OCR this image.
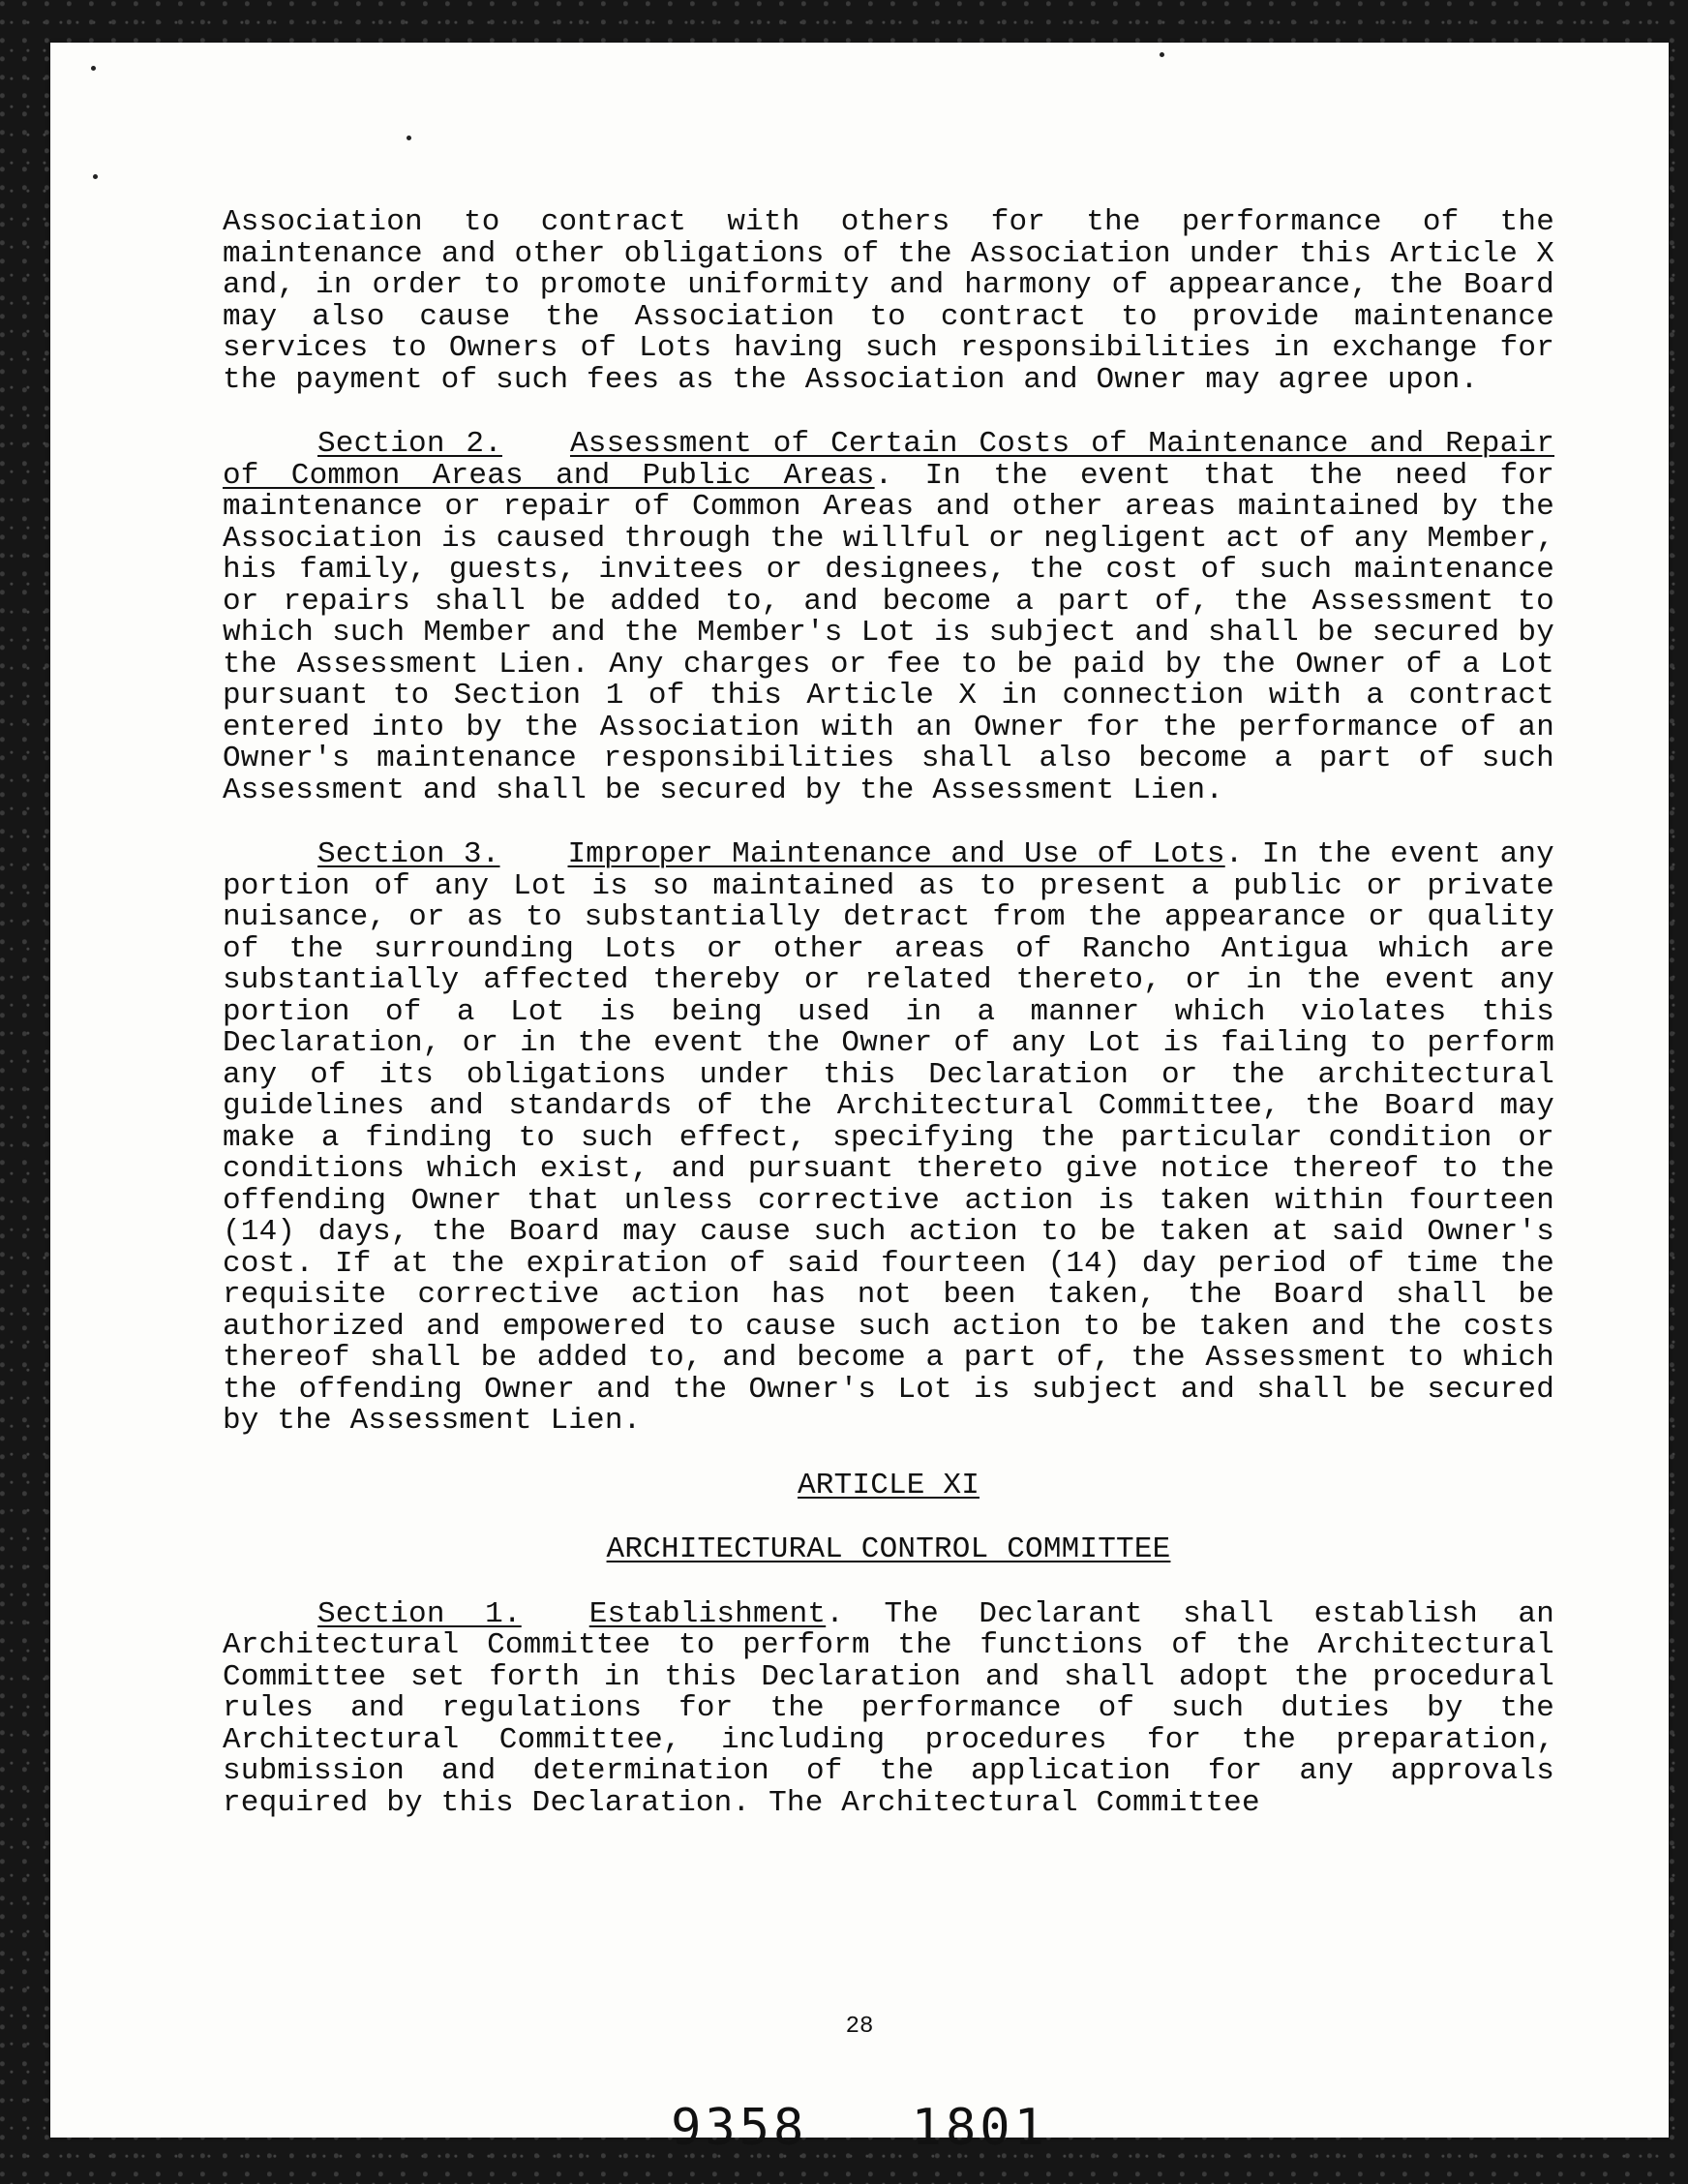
Association to contract with others for the performance of the maintenance and other obligations of the Association under this Article X and, in order to promote uniformity and harmony of appearance, the Board may also cause the Association to contract to provide maintenance services to Owners of Lots having such responsibilities in exchange for the payment of such fees as the Association and Owner may agree upon.

Section 2. Assessment of Certain Costs of Maintenance and Repair of Common Areas and Public Areas. In the event that the need for maintenance or repair of Common Areas and other areas maintained by the Association is caused through the willful or negligent act of any Member, his family, guests, invitees or designees, the cost of such maintenance or repairs shall be added to, and become a part of, the Assessment to which such Member and the Member's Lot is subject and shall be secured by the Assessment Lien. Any charges or fee to be paid by the Owner of a Lot pursuant to Section 1 of this Article X in connection with a contract entered into by the Association with an Owner for the performance of an Owner's maintenance responsibilities shall also become a part of such Assessment and shall be secured by the Assessment Lien.

Section 3. Improper Maintenance and Use of Lots. In the event any portion of any Lot is so maintained as to present a public or private nuisance, or as to substantially detract from the appearance or quality of the surrounding Lots or other areas of Rancho Antigua which are substantially affected thereby or related thereto, or in the event any portion of a Lot is being used in a manner which violates this Declaration, or in the event the Owner of any Lot is failing to perform any of its obligations under this Declaration or the architectural guidelines and standards of the Architectural Committee, the Board may make a finding to such effect, specifying the particular condition or conditions which exist, and pursuant thereto give notice thereof to the offending Owner that unless corrective action is taken within fourteen (14) days, the Board may cause such action to be taken at said Owner's cost. If at the expiration of said fourteen (14) day period of time the requisite corrective action has not been taken, the Board shall be authorized and empowered to cause such action to be taken and the costs thereof shall be added to, and become a part of, the Assessment to which the offending Owner and the Owner's Lot is subject and shall be secured by the Assessment Lien.

ARTICLE XI

ARCHITECTURAL CONTROL COMMITTEE

Section 1. Establishment. The Declarant shall establish an Architectural Committee to perform the functions of the Architectural Committee set forth in this Declaration and shall adopt the procedural rules and regulations for the performance of such duties by the Architectural Committee, including procedures for the preparation, submission and determination of the application for any approvals required by this Declaration. The Architectural Committee

28
9358 1801
